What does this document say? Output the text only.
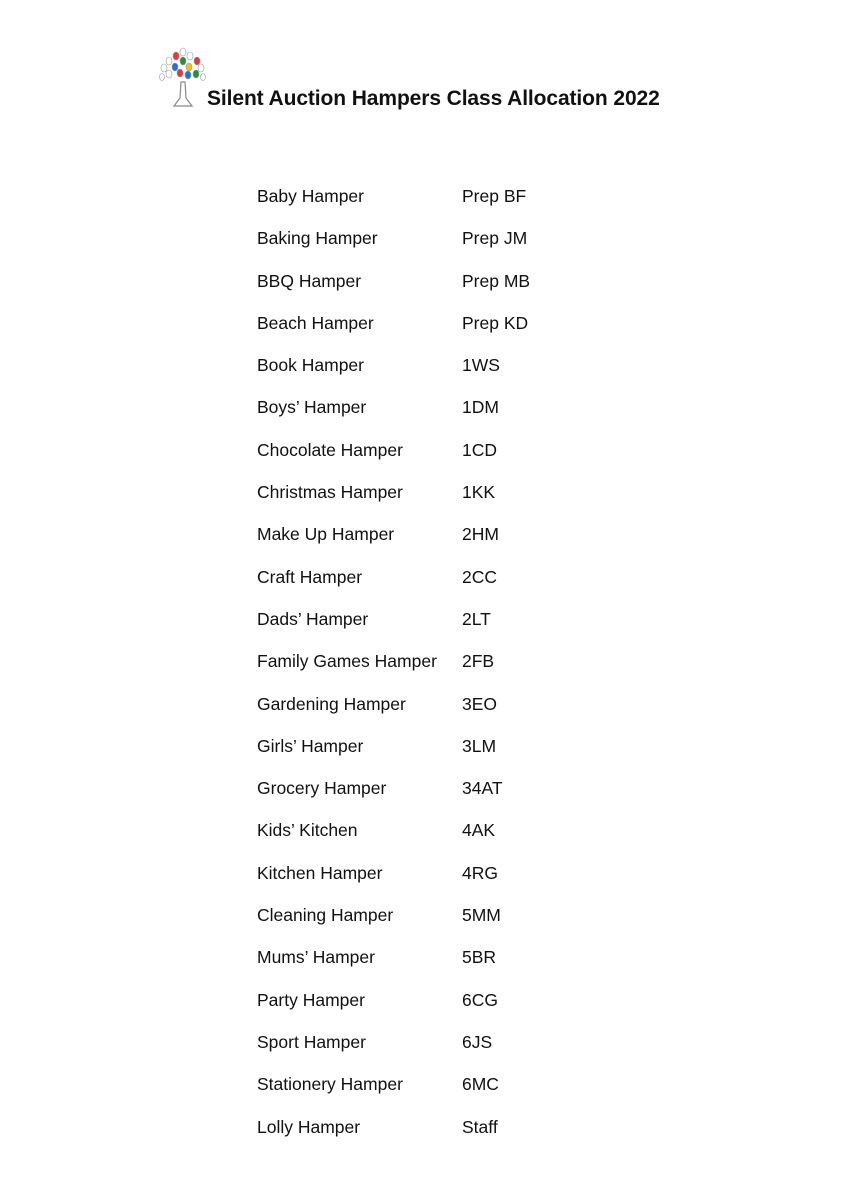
Silent Auction Hampers Class Allocation 2022
Baby Hamper	Prep BF
Baking Hamper	Prep JM
BBQ Hamper	Prep MB
Beach Hamper	Prep KD
Book Hamper	1WS
Boys’ Hamper	1DM
Chocolate Hamper	1CD
Christmas Hamper	1KK
Make Up Hamper	2HM
Craft Hamper	2CC
Dads’ Hamper	2LT
Family Games Hamper	2FB
Gardening Hamper	3EO
Girls’ Hamper	3LM
Grocery Hamper	34AT
Kids’ Kitchen	4AK
Kitchen Hamper	4RG
Cleaning Hamper	5MM
Mums’ Hamper	5BR
Party Hamper	6CG
Sport Hamper	6JS
Stationery Hamper	6MC
Lolly Hamper	Staff
